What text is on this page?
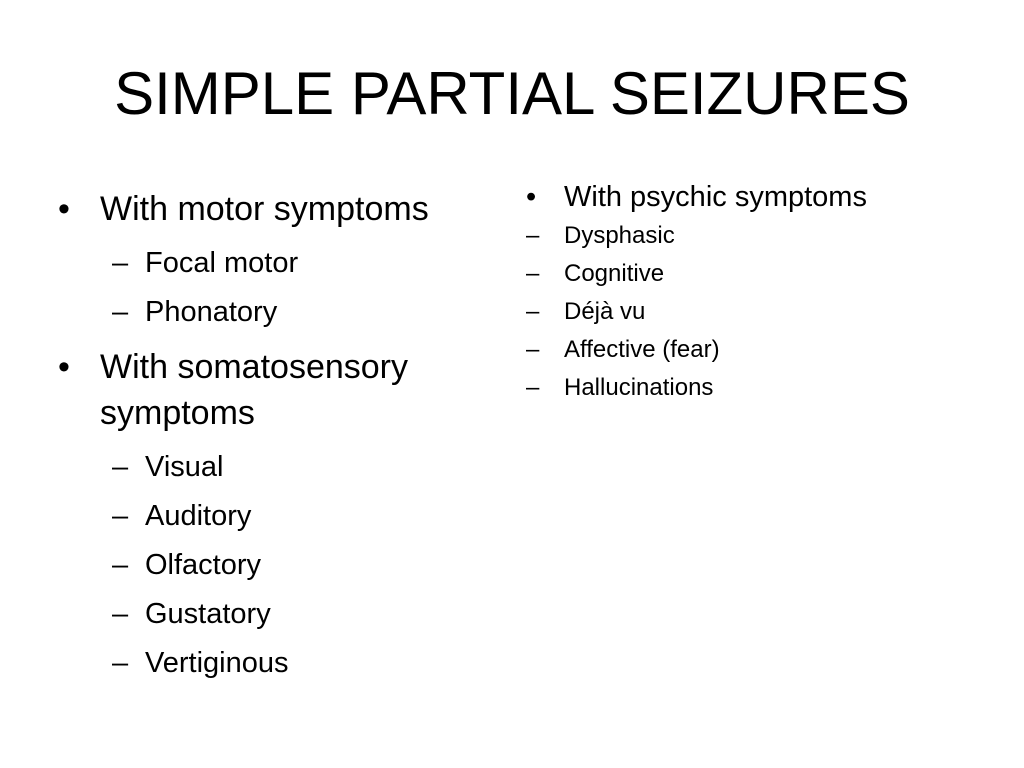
SIMPLE PARTIAL SEIZURES
• With motor symptoms
– Focal motor
– Phonatory
• With somatosensory symptoms
– Visual
– Auditory
– Olfactory
– Gustatory
– Vertiginous
• With psychic symptoms
– Dysphasic
– Cognitive
– Déjà vu
– Affective (fear)
– Hallucinations
